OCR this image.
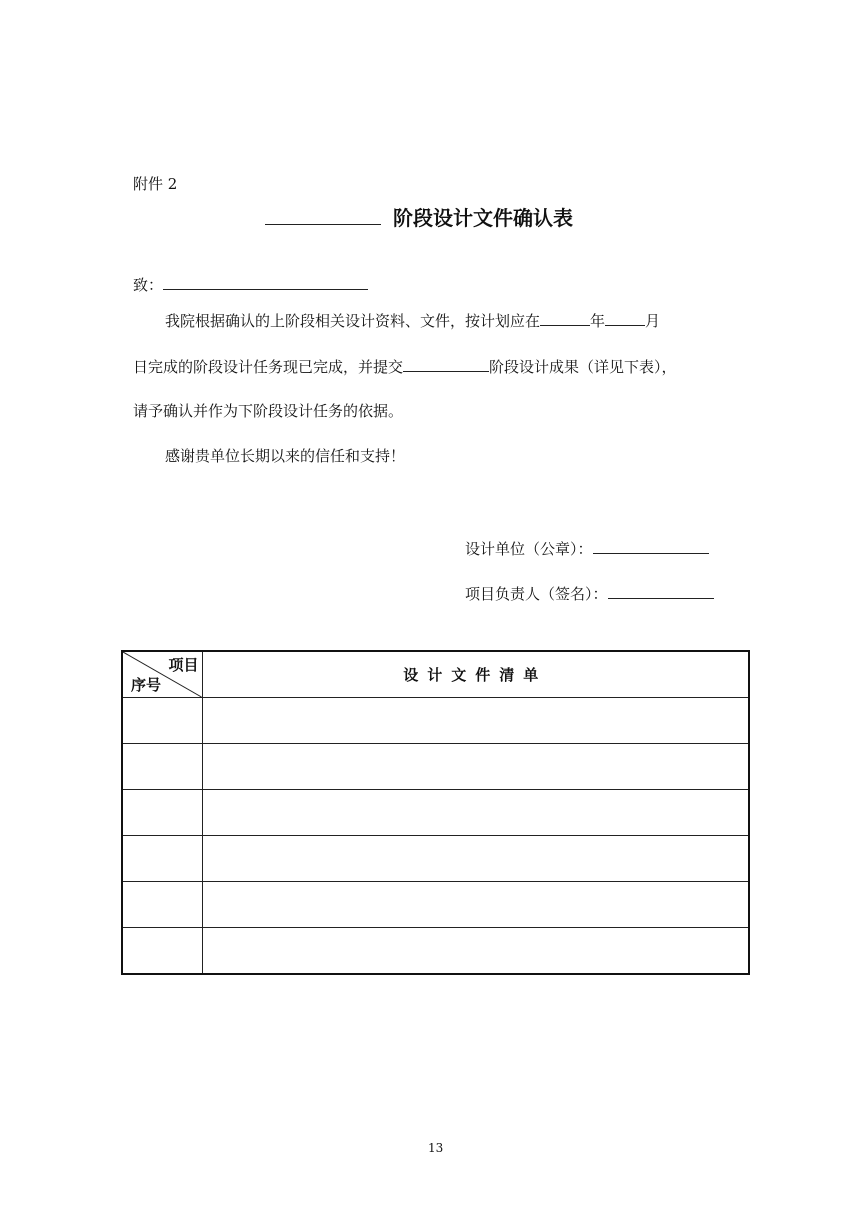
附件 2
阶段设计文件确认表
致：
我院根据确认的上阶段相关设计资料、文件，按计划应在	年	月
日完成的阶段设计任务现已完成，并提交	阶段设计成果（详见下表），
请予确认并作为下阶段设计任务的依据。
感谢贵单位长期以来的信任和支持！
设计单位（公章）：
项目负责人（签名）：
项目
序号	设计文件清单

13
